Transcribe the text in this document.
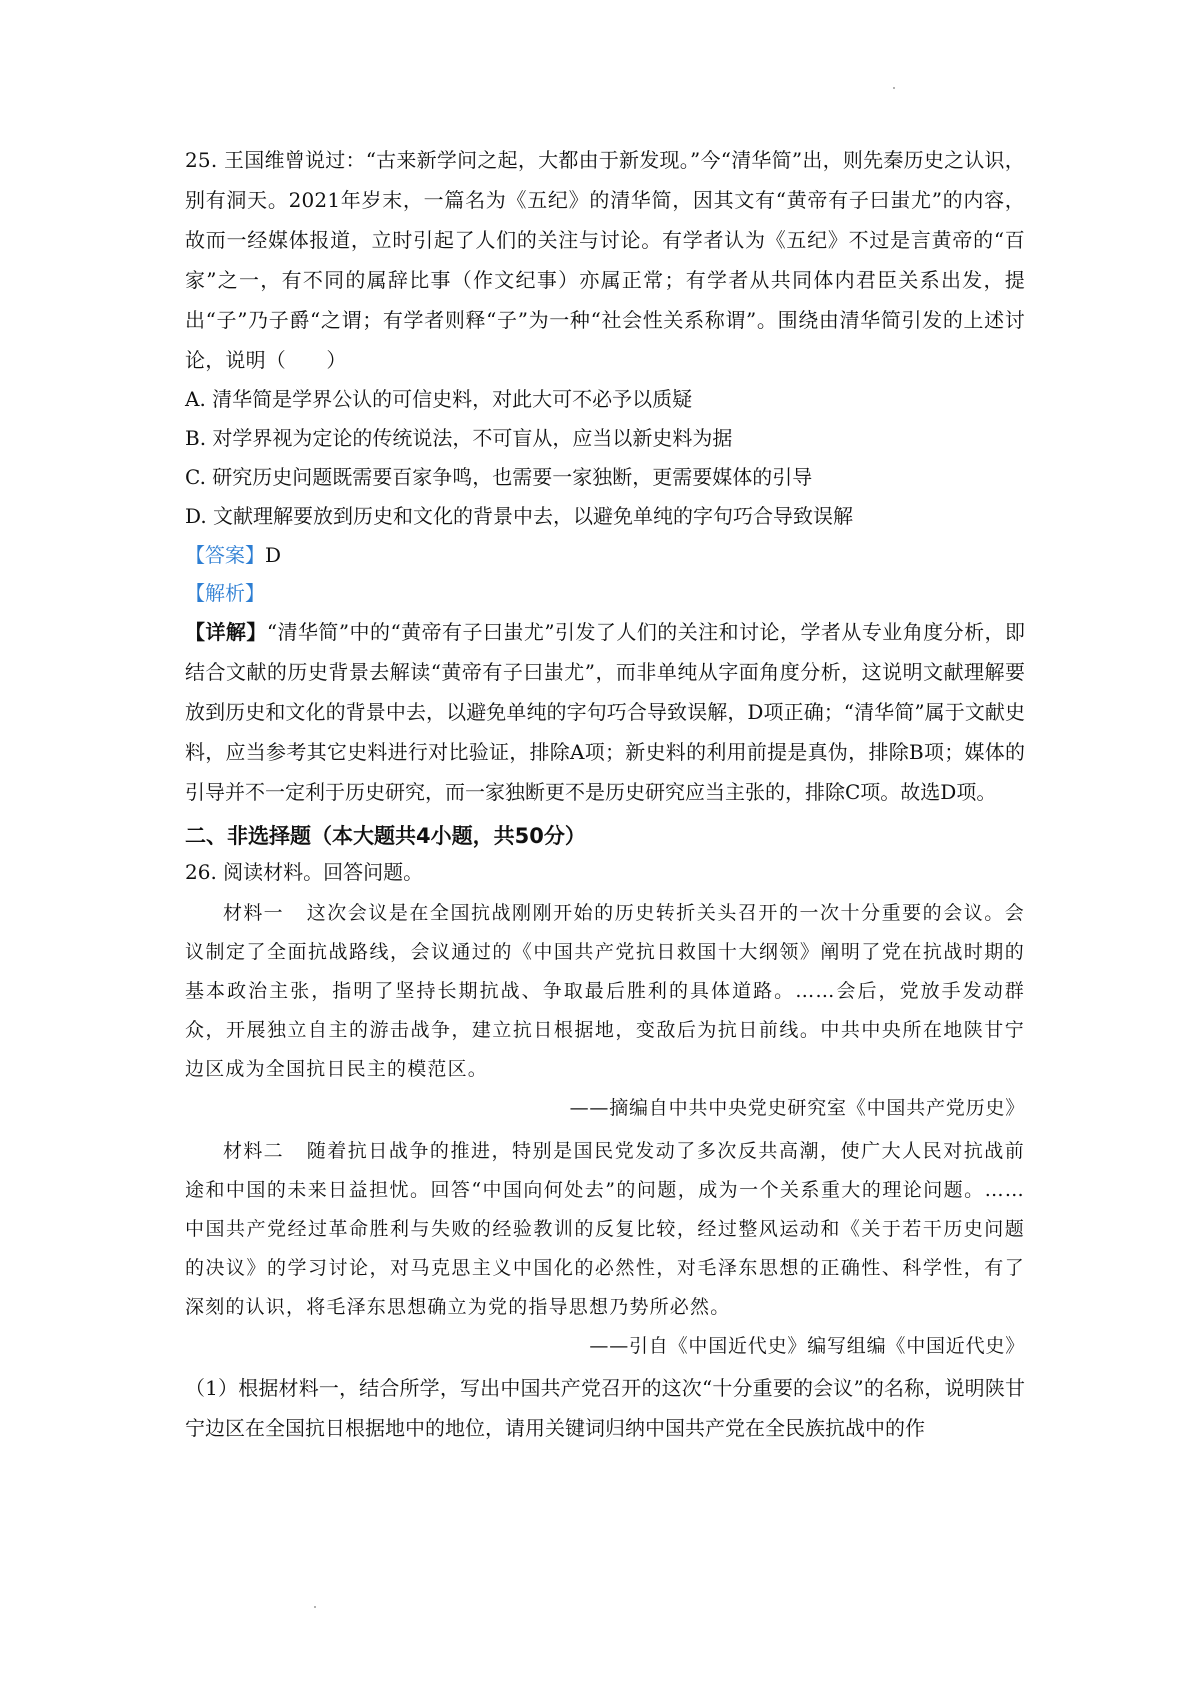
25. 王国维曾说过：“古来新学问之起，大都由于新发现。”今“清华简”出，则先秦历史之认识，别有洞天。2021年岁末，一篇名为《五纪》的清华简，因其文有“黄帝有子曰蚩尤”的内容，故而一经媒体报道，立时引起了人们的关注与讨论。有学者认为《五纪》不过是言黄帝的“百家”之一，有不同的属辞比事（作文纪事）亦属正常；有学者从共同体内君臣关系出发，提出“子”乃子爵“之谓；有学者则释“子”为一种“社会性关系称谓”。围绕由清华简引发的上述讨论，说明（　　）

A. 清华简是学界公认的可信史料，对此大可不必予以质疑

B. 对学界视为定论的传统说法，不可盲从，应当以新史料为据

C. 研究历史问题既需要百家争鸣，也需要一家独断，更需要媒体的引导

D. 文献理解要放到历史和文化的背景中去，以避免单纯的字句巧合导致误解

【答案】D

【解析】

【详解】“清华简”中的“黄帝有子曰蚩尤”引发了人们的关注和讨论，学者从专业角度分析，即结合文献的历史背景去解读“黄帝有子曰蚩尤”，而非单纯从字面角度分析，这说明文献理解要放到历史和文化的背景中去，以避免单纯的字句巧合导致误解，D项正确；“清华简”属于文献史料，应当参考其它史料进行对比验证，排除A项；新史料的利用前提是真伪，排除B项；媒体的引导并不一定利于历史研究，而一家独断更不是历史研究应当主张的，排除C项。故选D项。

二、非选择题（本大题共4小题，共50分）

26. 阅读材料。回答问题。

材料一 这次会议是在全国抗战刚刚开始的历史转折关头召开的一次十分重要的会议。会议制定了全面抗战路线，会议通过的《中国共产党抗日救国十大纲领》阐明了党在抗战时期的基本政治主张，指明了坚持长期抗战、争取最后胜利的具体道路。……会后，党放手发动群众，开展独立自主的游击战争，建立抗日根据地，变敌后为抗日前线。中共中央所在地陕甘宁边区成为全国抗日民主的模范区。

——摘编自中共中央党史研究室《中国共产党历史》

材料二 随着抗日战争的推进，特别是国民党发动了多次反共高潮，使广大人民对抗战前途和中国的未来日益担忧。回答“中国向何处去”的问题，成为一个关系重大的理论问题。……中国共产党经过革命胜利与失败的经验教训的反复比较，经过整风运动和《关于若干历史问题的决议》的学习讨论，对马克思主义中国化的必然性，对毛泽东思想的正确性、科学性，有了深刻的认识，将毛泽东思想确立为党的指导思想乃势所必然。

——引自《中国近代史》编写组编《中国近代史》

（1）根据材料一，结合所学，写出中国共产党召开的这次“十分重要的会议”的名称，说明陕甘宁边区在全国抗日根据地中的地位，请用关键词归纳中国共产党在全民族抗战中的作
